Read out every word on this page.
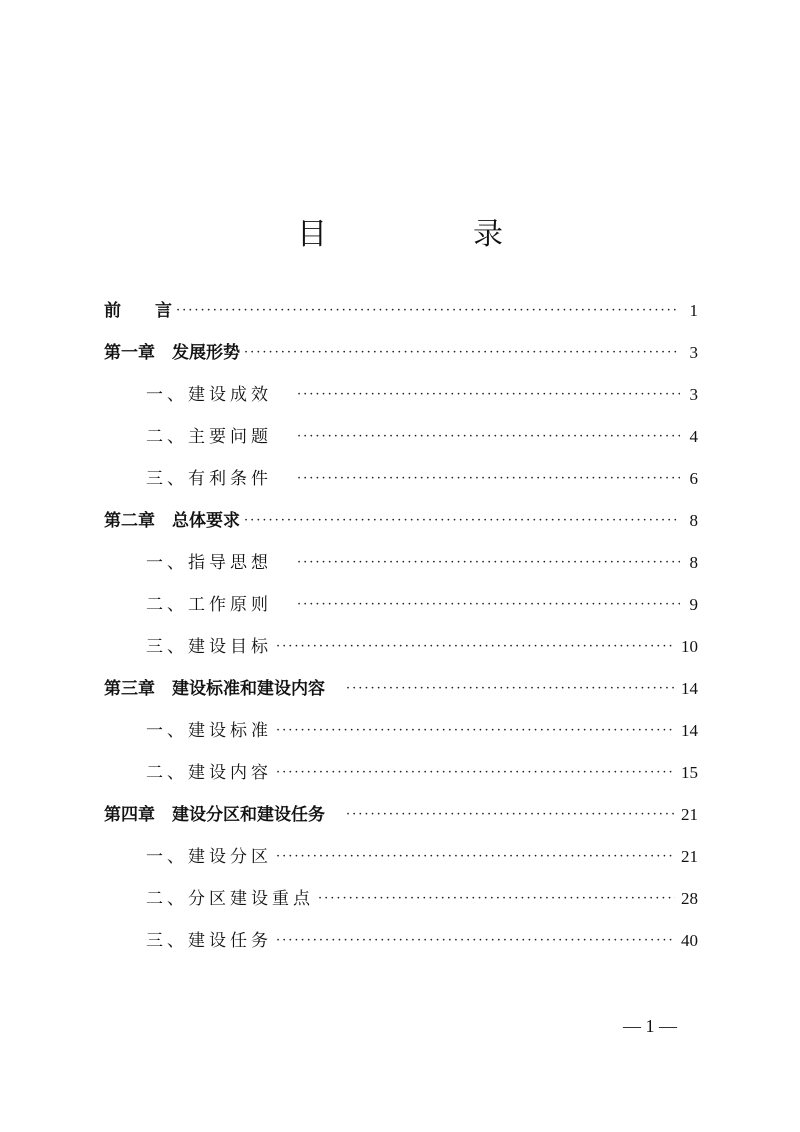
目　录
前　　言 ·····	1
第一章　发展形势 ·····	3
一、建设成效　 ·····	3
二、主要问题　 ·····	4
三、有利条件　 ·····	6
第二章　总体要求 ·····	8
一、指导思想　 ·····	8
二、工作原则　 ·····	9
三、建设目标 ·····	10
第三章　建设标准和建设内容　 ·····	14
一、建设标准 ·····	14
二、建设内容 ·····	15
第四章　建设分区和建设任务　 ·····	21
一、建设分区 ·····	21
二、分区建设重点 ·····	28
三、建设任务 ·····	40
— 1 —
